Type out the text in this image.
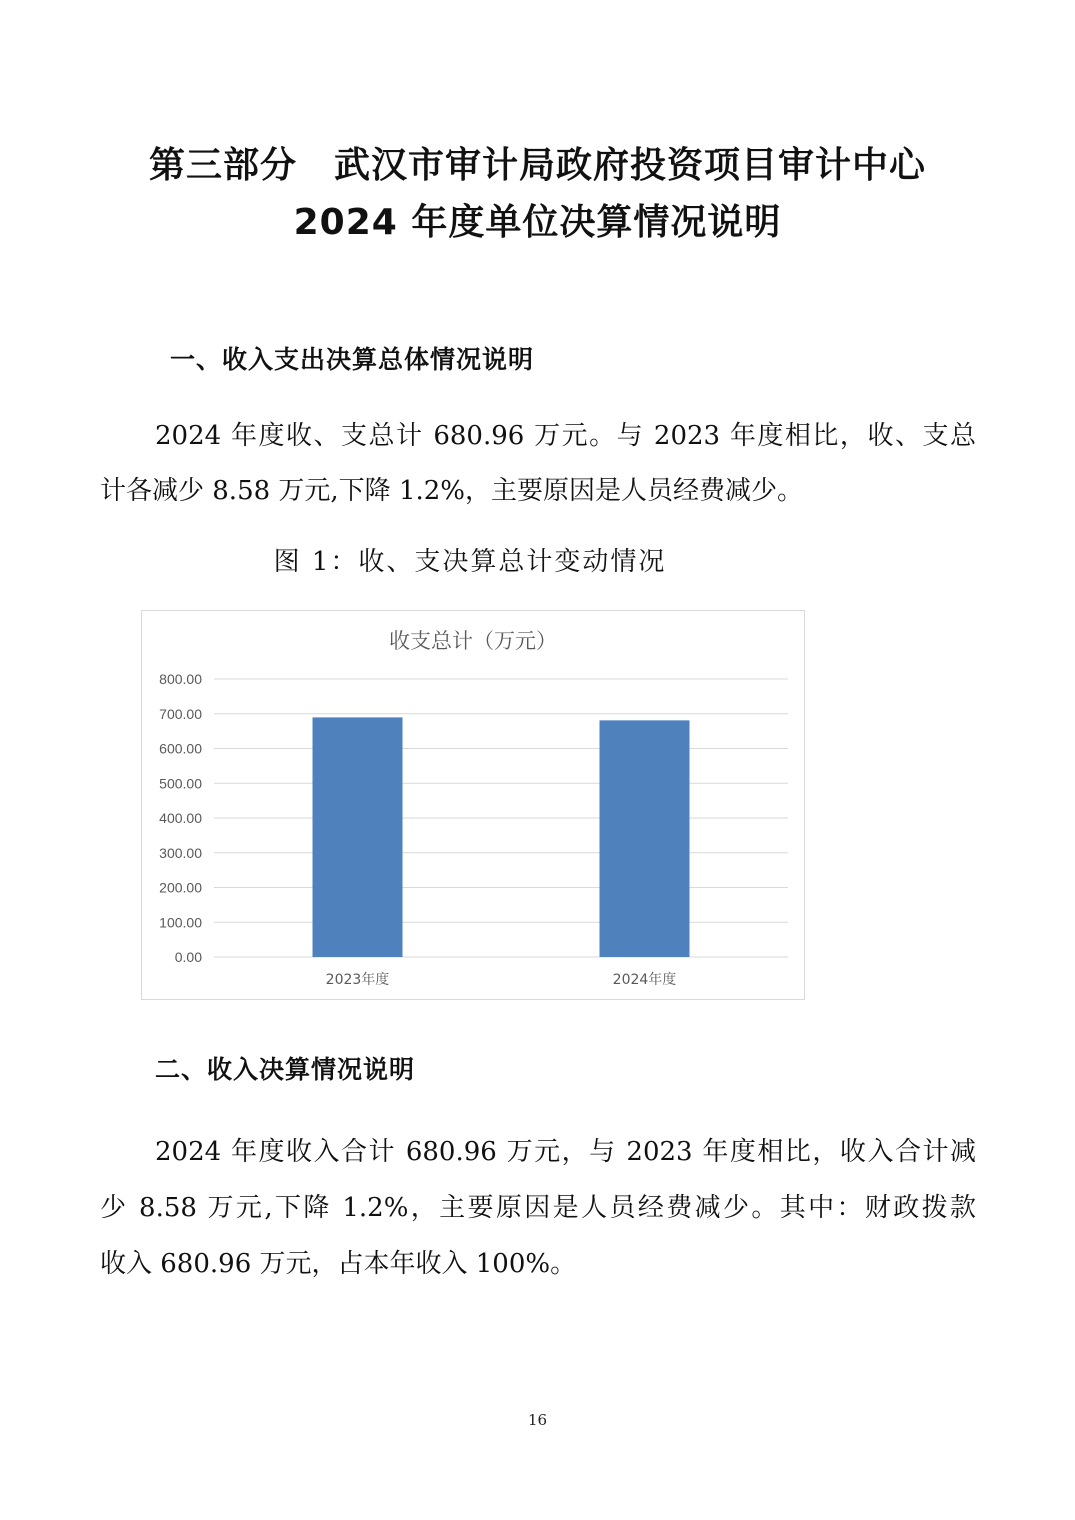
第三部分　武汉市审计局政府投资项目审计中心
2024 年度单位决算情况说明
一、收入支出决算总体情况说明
2024 年度收、支总计 680.96 万元。与 2023 年度相比，收、支总
计各减少 8.58 万元,下降 1.2%，主要原因是人员经费减少。
图 1：收、支决算总计变动情况
0.00
100.00
200.00
300.00
400.00
500.00
600.00
700.00
800.00
2023年度	2024年度
收支总计（万元）
二、收入决算情况说明
2024 年度收入合计 680.96 万元，与 2023 年度相比，收入合计减
少 8.58 万元,下降 1.2%，主要原因是人员经费减少。其中：财政拨款
收入 680.96 万元，占本年收入 100%。
16
